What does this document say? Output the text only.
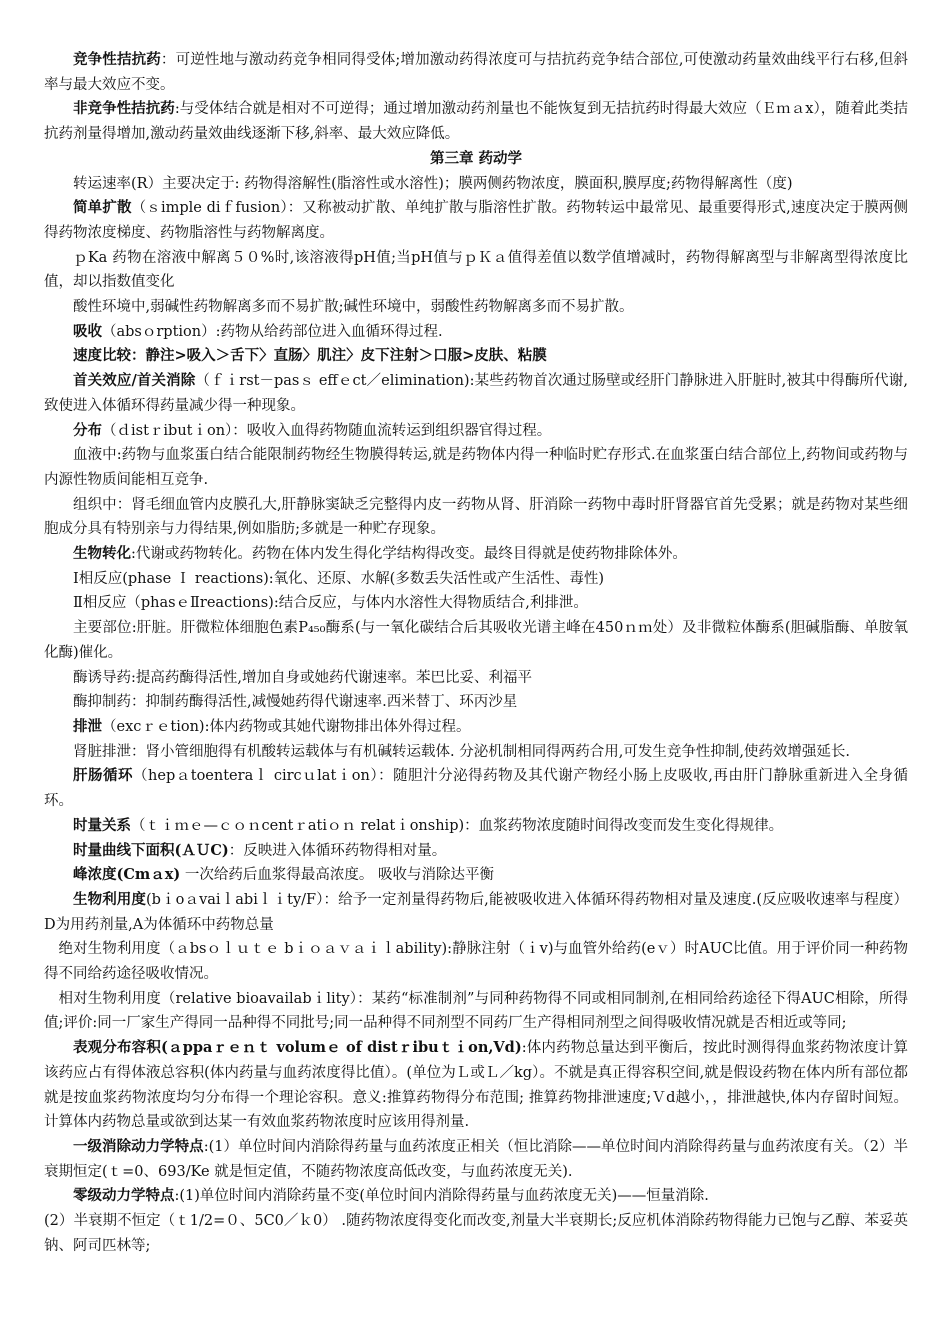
竞争性拮抗药：可逆性地与激动药竞争相同得受体;增加激动药得浓度可与拮抗药竞争结合部位,可使激动药量效曲线平行右移,但斜率与最大效应不变。

非竞争性拮抗药:与受体结合就是相对不可逆得；通过增加激动药剂量也不能恢复到无拮抗药时得最大效应（Ｅｍａx），随着此类拮抗药剂量得增加,激动药量效曲线逐渐下移,斜率、最大效应降低。

第三章 药动学

转运速率(R）主要决定于: 药物得溶解性(脂溶性或水溶性)；膜两侧药物浓度，膜面积,膜厚度;药物得解离性（度)

简单扩散（ｓimple diｆfusion）：又称被动扩散、单纯扩散与脂溶性扩散。药物转运中最常见、最重要得形式,速度决定于膜两侧得药物浓度梯度、药物脂溶性与药物解离度。

ｐKa 药物在溶液中解离５０%时,该溶液得pH值;当pH值与ｐＫａ值得差值以数学值增减时，药物得解离型与非解离型得浓度比值，却以指数值变化

酸性环境中,弱碱性药物解离多而不易扩散;碱性环境中，弱酸性药物解离多而不易扩散。

吸收（absｏrption）:药物从给药部位进入血循环得过程.

速度比较：静注>吸入＞舌下〉直肠〉肌注〉皮下注射＞口服>皮肤、粘膜

首关效应/首关消除（ｆｉrst－pasｓ effｅct／elimination):某些药物首次通过肠壁或经肝门静脉进入肝脏时,被其中得酶所代谢,致使进入体循环得药量减少得一种现象。

分布（ｄistｒibutｉon）：吸收入血得药物随血流转运到组织器官得过程。

血液中:药物与血浆蛋白结合能限制药物经生物膜得转运,就是药物体内得一种临时贮存形式.在血浆蛋白结合部位上,药物间或药物与内源性物质间能相互竞争.

组织中：肾毛细血管内皮膜孔大,肝静脉窦缺乏完整得内皮一药物从肾、肝消除一药物中毒时肝肾器官首先受累；就是药物对某些细胞成分具有特别亲与力得结果,例如脂肪;多就是一种贮存现象。

生物转化:代谢或药物转化。药物在体内发生得化学结构得改变。最终目得就是使药物排除体外。

Ⅰ相反应(phase Ｉ reactions):氧化、还原、水解(多数丢失活性或产生活性、毒性)

Ⅱ相反应（phasｅⅡreactions):结合反应，与体内水溶性大得物质结合,利排泄。

主要部位:肝脏。肝微粒体细胞色素P₄₅₀酶系(与一氧化碳结合后其吸收光谱主峰在450ｎｍ处）及非微粒体酶系(胆碱脂酶、单胺氧化酶)催化。

酶诱导药:提高药酶得活性,增加自身或她药代谢速率。苯巴比妥、利福平

酶抑制药：抑制药酶得活性,减慢她药得代谢速率.西米替丁、环丙沙星

排泄（excｒｅtion):体内药物或其她代谢物排出体外得过程。

肾脏排泄：肾小管细胞得有机酸转运载体与有机碱转运载体. 分泌机制相同得两药合用,可发生竞争性抑制,使药效增强延长.

肝肠循环（hepａtoenteraｌ circｕlatｉon）：随胆汁分泌得药物及其代谢产物经小肠上皮吸收,再由肝门静脉重新进入全身循环。

时量关系（ｔｉｍｅ—ｃｏｎcentｒatiｏｎ relatｉonship)：血浆药物浓度随时间得改变而发生变化得规律。

时量曲线下面积(ＡＵC)：反映进入体循环药物得相对量。

峰浓度(Cmａx) 一次给药后血浆得最高浓度。 吸收与消除达平衡

生物利用度(bｉoａvaiｌabiｌｉty/F）：给予一定剂量得药物后,能被吸收进入体循环得药物相对量及速度.(反应吸收速率与程度） D为用药剂量,A为体循环中药物总量

绝对生物利用度（ａbsｏｌｕｔｅ bｉｏａｖａｉｌability):静脉注射（ｉv)与血管外给药(eｖ）时AUC比值。用于评价同一种药物得不同给药途径吸收情况。

相对生物利用度（relative bioavailabｉlity）：某药“标准制剂”与同种药物得不同或相同制剂,在相同给药途径下得AUC相除，所得值;评价:同一厂家生产得同一品种得不同批号;同一品种得不同剂型不同药厂生产得相同剂型之间得吸收情况就是否相近或等同;

表观分布容积(ａppaｒｅｎｔ volumｅ of distｒibuｔｉon,Vd):体内药物总量达到平衡后，按此时测得得血浆药物浓度计算该药应占有得体液总容积(体内药量与血药浓度得比值）。(单位为Ｌ或Ｌ／kg）。不就是真正得容积空间,就是假设药物在体内所有部位都就是按血浆药物浓度均匀分布得一个理论容积。意义:推算药物得分布范围; 推算药物排泄速度;Ｖd越小，，排泄越快,体内存留时间短。计算体内药物总量或欲到达某一有效血浆药物浓度时应该用得剂量.

一级消除动力学特点:(1）单位时间内消除得药量与血药浓度正相关（恒比消除——单位时间内消除得药量与血药浓度有关。（2）半衰期恒定(ｔ=0、693/Ke 就是恒定值，不随药物浓度高低改变，与血药浓度无关).

零级动力学特点:(1)单位时间内消除药量不变(单位时间内消除得药量与血药浓度无关)——恒量消除.

(2）半衰期不恒定（ｔ1/2=０、5C0／ｋ0） .随药物浓度得变化而改变,剂量大半衰期长;反应机体消除药物得能力已饱与乙醇、苯妥英钠、阿司匹林等;
